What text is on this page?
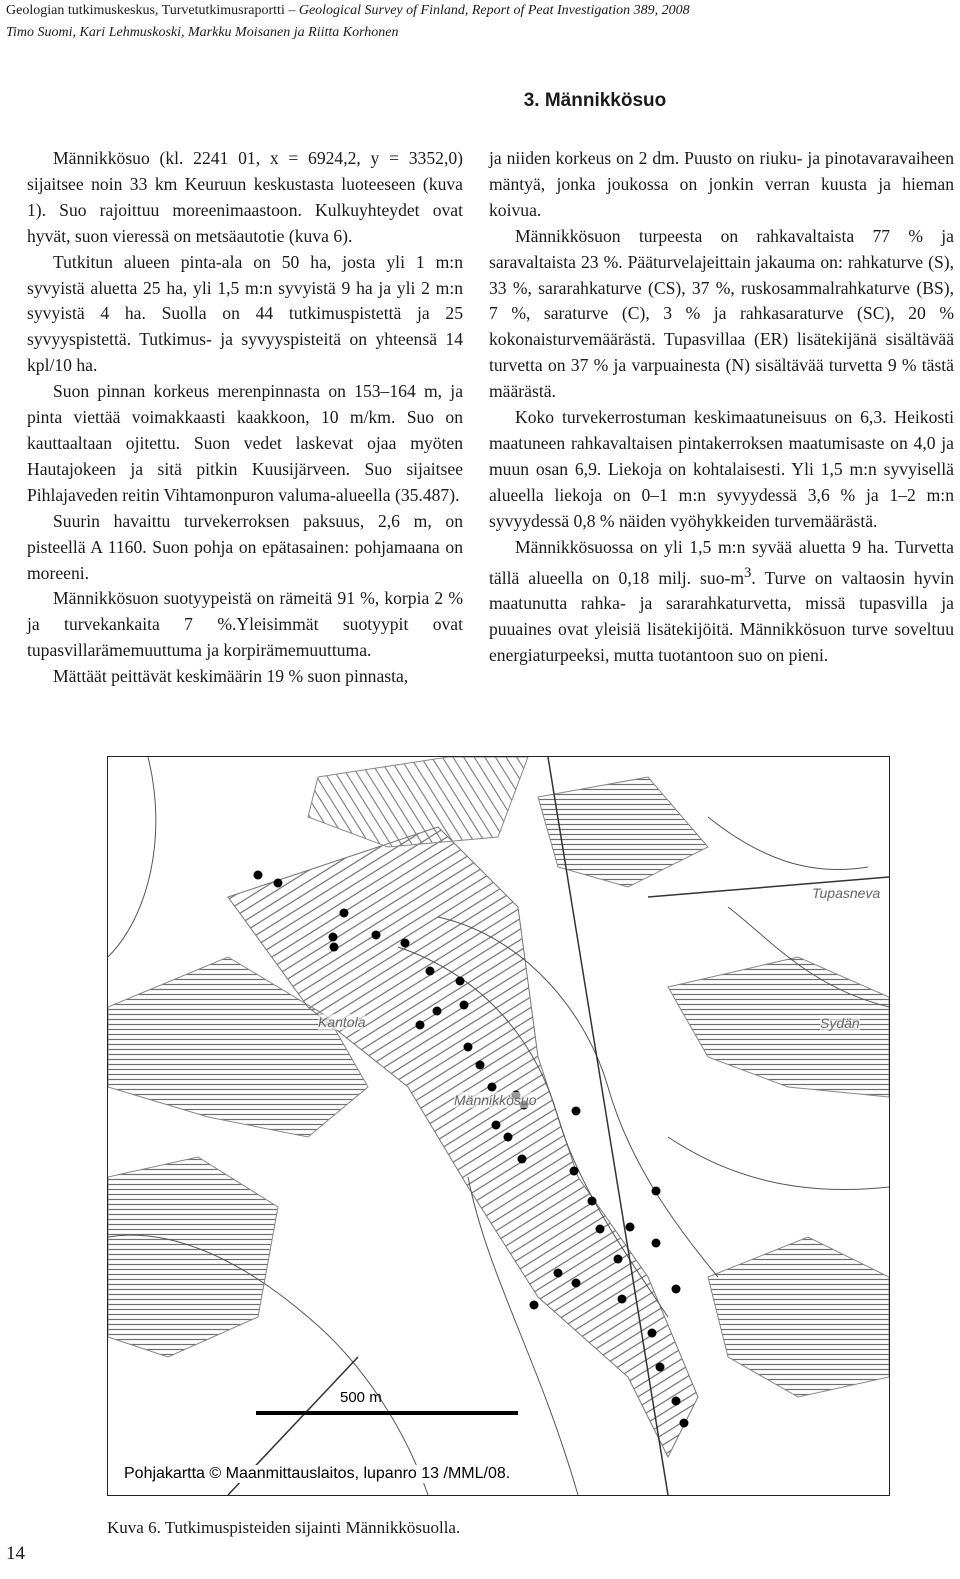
Geologian tutkimuskeskus, Turvetutkimusraportti – Geological Survey of Finland, Report of Peat Investigation 389, 2008
Timo Suomi, Kari Lehmuskoski, Markku Moisanen ja Riitta Korhonen
3. Männikkösuo

Männikkösuo (kl. 2241 01, x = 6924,2, y = 3352,0) sijaitsee noin 33 km Keuruun keskustasta luoteeseen (kuva 1). Suo rajoittuu moreenimaastoon. Kulkuyhteydet ovat hyvät, suon vieressä on metsäautotie (kuva 6).

Tutkitun alueen pinta-ala on 50 ha, josta yli 1 m:n syvyistä aluetta 25 ha, yli 1,5 m:n syvyistä 9 ha ja yli 2 m:n syvyistä 4 ha. Suolla on 44 tutkimuspistettä ja 25 syvyyspistettä. Tutkimus- ja syvyyspisteitä on yhteensä 14 kpl/10 ha.

Suon pinnan korkeus merenpinnasta on 153–164 m, ja pinta viettää voimakkaasti kaakkoon, 10 m/km. Suo on kauttaaltaan ojitettu. Suon vedet laskevat ojaa myöten Hautajokeen ja sitä pitkin Kuusijärveen. Suo sijaitsee Pihlajaveden reitin Vihtamonpuron valuma-alueella (35.487).

Suurin havaittu turvekerroksen paksuus, 2,6 m, on pisteellä A 1160. Suon pohja on epätasainen: pohjamaana on moreeni.

Männikkösuon suotyypeistä on rämeitä 91 %, korpia 2 % ja turvekankaita 7 %.Yleisimmät suotyypit ovat tupasvillarämemuuttuma ja korpirämemuuttuma.

Mättäät peittävät keskimäärin 19 % suon pinnasta,

ja niiden korkeus on 2 dm. Puusto on riuku- ja pinotavaravaiheen mäntyä, jonka joukossa on jonkin verran kuusta ja hieman koivua.

Männikkösuon turpeesta on rahkavaltaista 77 % ja saravaltaista 23 %. Pääturvelajeittain jakauma on: rahkaturve (S), 33 %, sararahkaturve (CS), 37 %, ruskosammalrahkaturve (BS), 7 %, saraturve (C), 3 % ja rahkasaraturve (SC), 20 % kokonaisturvemäärästä. Tupasvillaa (ER) lisätekijänä sisältävää turvetta on 37 % ja varpuainesta (N) sisältävää turvetta 9 % tästä määrästä.

Koko turvekerrostuman keskimaatuneisuus on 6,3. Heikosti maatuneen rahkavaltaisen pintakerroksen maatumisaste on 4,0 ja muun osan 6,9. Liekoja on kohtalaisesti. Yli 1,5 m:n syvyisellä alueella liekoja on 0–1 m:n syvyydessä 3,6 % ja 1–2 m:n syvyydessä 0,8 % näiden vyöhykkeiden turvemäärästä.

Männikkösuossa on yli 1,5 m:n syvää aluetta 9 ha. Turvetta tällä alueella on 0,18 milj. suo-$m^3$. Turve on valtaosin hyvin maatunutta rahka- ja sararahkaturvetta, missä tupasvilla ja puuaines ovat yleisiä lisätekijöitä. Männikkösuon turve soveltuu energiaturpeeksi, mutta tuotantoon suo on pieni.

Kantola
Männikkösuo
Tupasneva
Sydän
500 m
Pohjakartta © Maanmittauslaitos, lupanro 13 /MML/08.
Kuva 6. Tutkimuspisteiden sijainti Männikkösuolla.
14
